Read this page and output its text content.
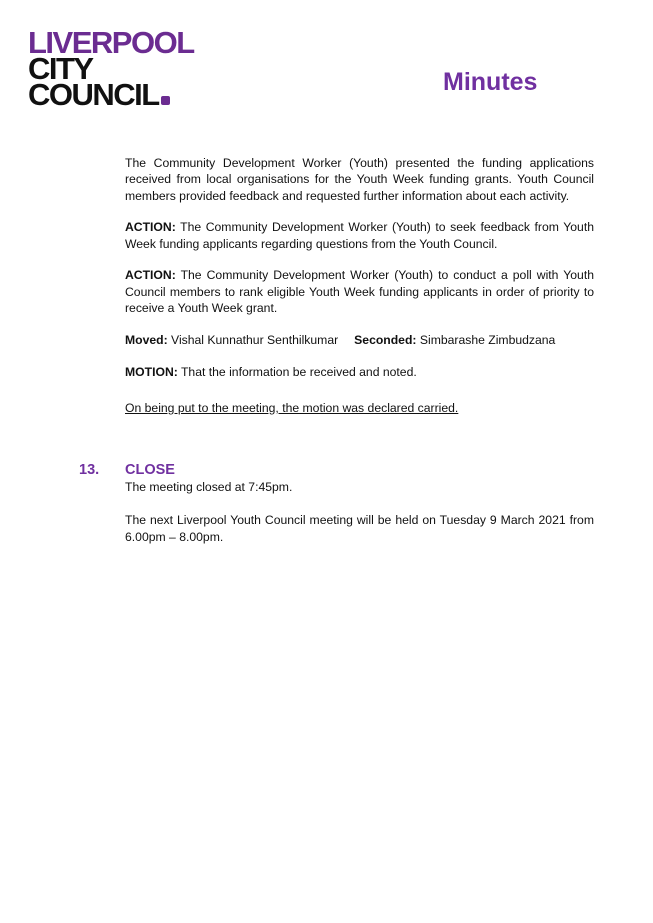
LIVERPOOL
CITY
COUNCIL	Minutes

The Community Development Worker (Youth) presented the funding applications received from local organisations for the Youth Week funding grants. Youth Council members provided feedback and requested further information about each activity.

ACTION: The Community Development Worker (Youth) to seek feedback from Youth Week funding applicants regarding questions from the Youth Council.

ACTION: The Community Development Worker (Youth) to conduct a poll with Youth Council members to rank eligible Youth Week funding applicants in order of priority to receive a Youth Week grant.

Moved: Vishal Kunnathur Senthilkumar Seconded: Simbarashe Zimbudzana

MOTION: That the information be received and noted.

On being put to the meeting, the motion was declared carried.

13.	CLOSE

The meeting closed at 7:45pm.

The next Liverpool Youth Council meeting will be held on Tuesday 9 March 2021 from 6.00pm – 8.00pm.
